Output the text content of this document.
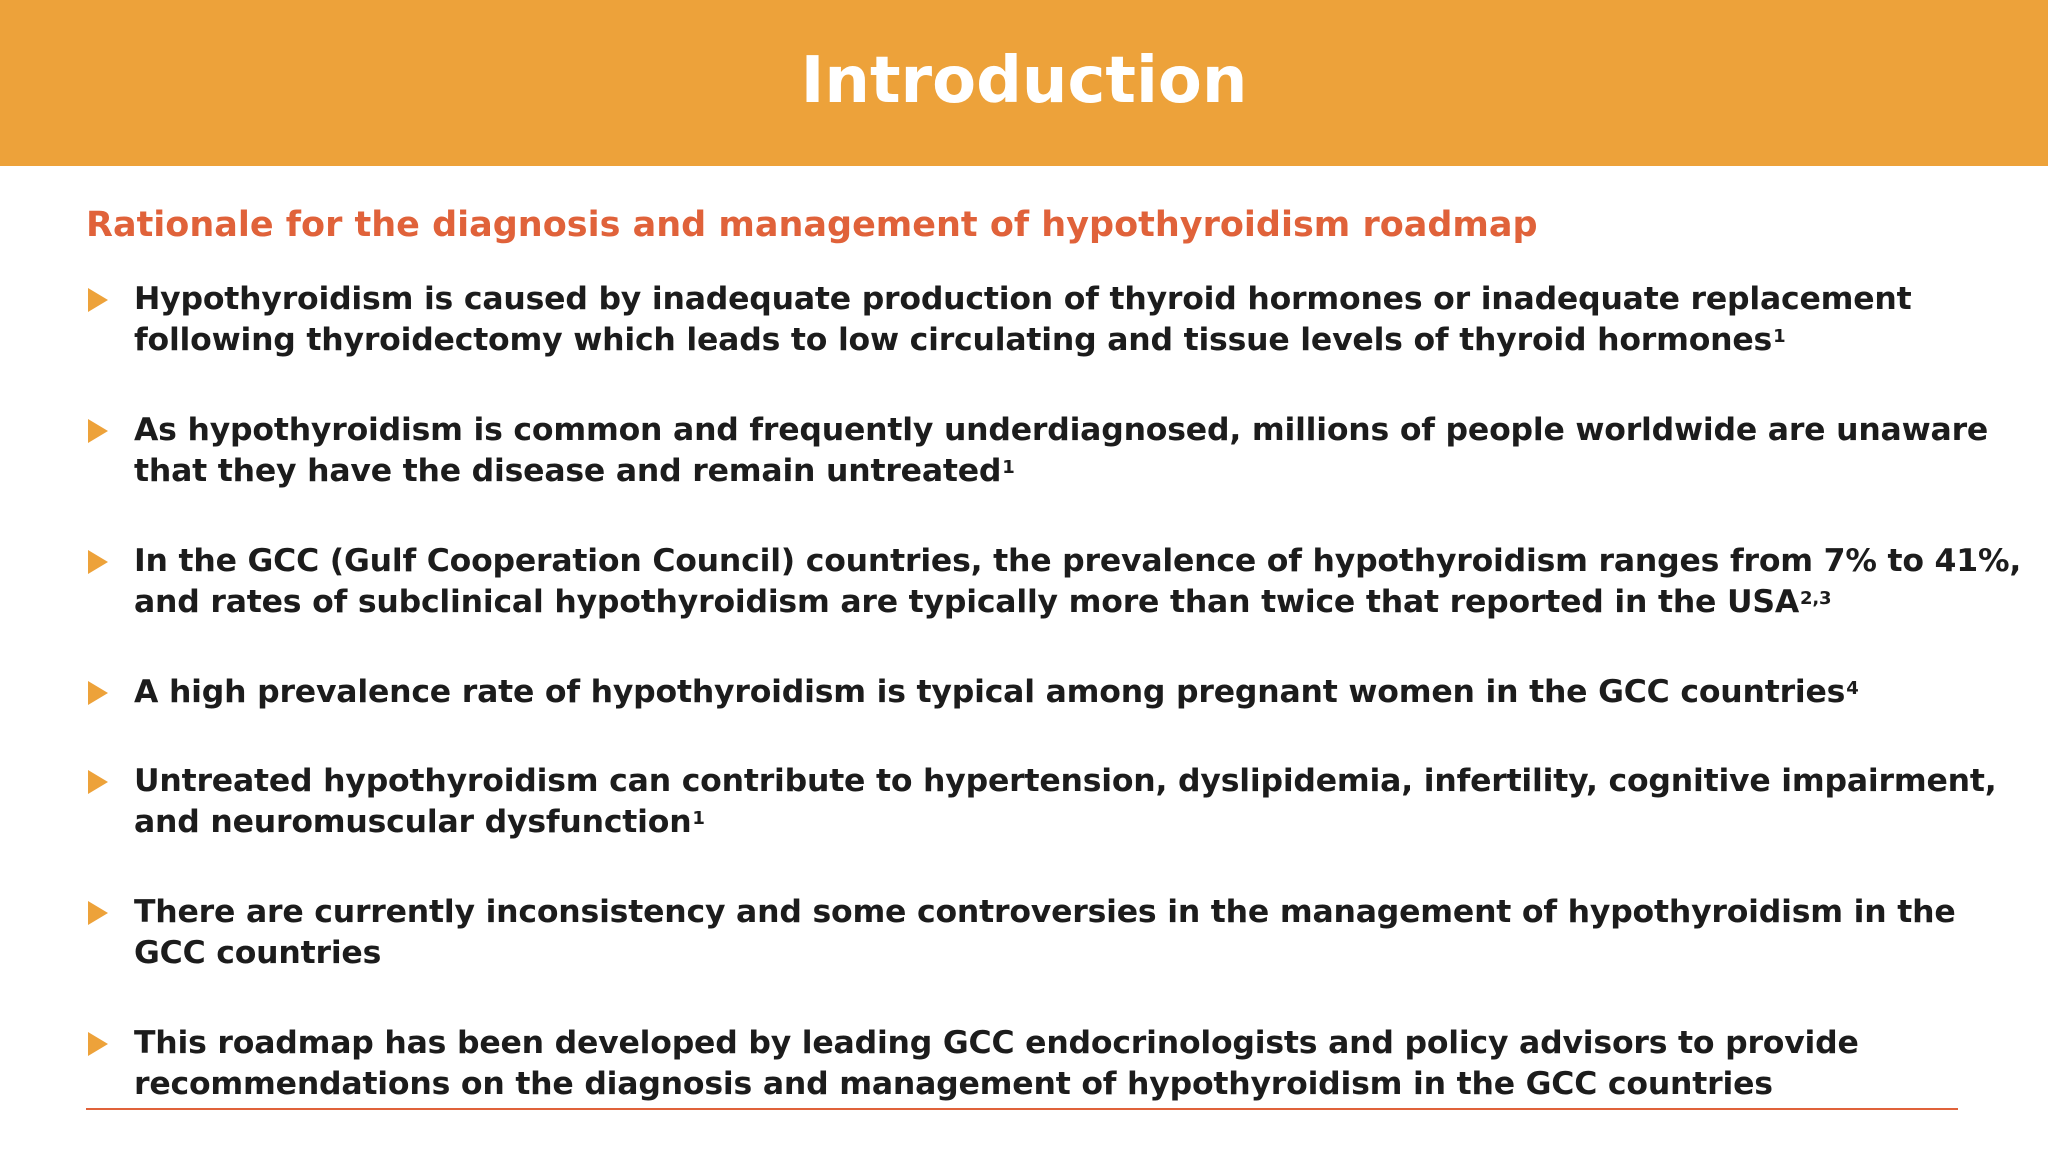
Introduction
Rationale for the diagnosis and management of hypothyroidism roadmap
Hypothyroidism is caused by inadequate production of thyroid hormones or inadequate replacement
following thyroidectomy which leads to low circulating and tissue levels of thyroid hormones$^1$
As hypothyroidism is common and frequently underdiagnosed, millions of people worldwide are unaware
that they have the disease and remain untreated$^1$
In the GCC (Gulf Cooperation Council) countries, the prevalence of hypothyroidism ranges from 7% to 41%,
and rates of subclinical hypothyroidism are typically more than twice that reported in the USA$^{2,3}$
A high prevalence rate of hypothyroidism is typical among pregnant women in the GCC countries$^4$
Untreated hypothyroidism can contribute to hypertension, dyslipidemia, infertility, cognitive impairment,
and neuromuscular dysfunction$^1$
There are currently inconsistency and some controversies in the management of hypothyroidism in the
GCC countries
This roadmap has been developed by leading GCC endocrinologists and policy advisors to provide
recommendations on the diagnosis and management of hypothyroidism in the GCC countries
